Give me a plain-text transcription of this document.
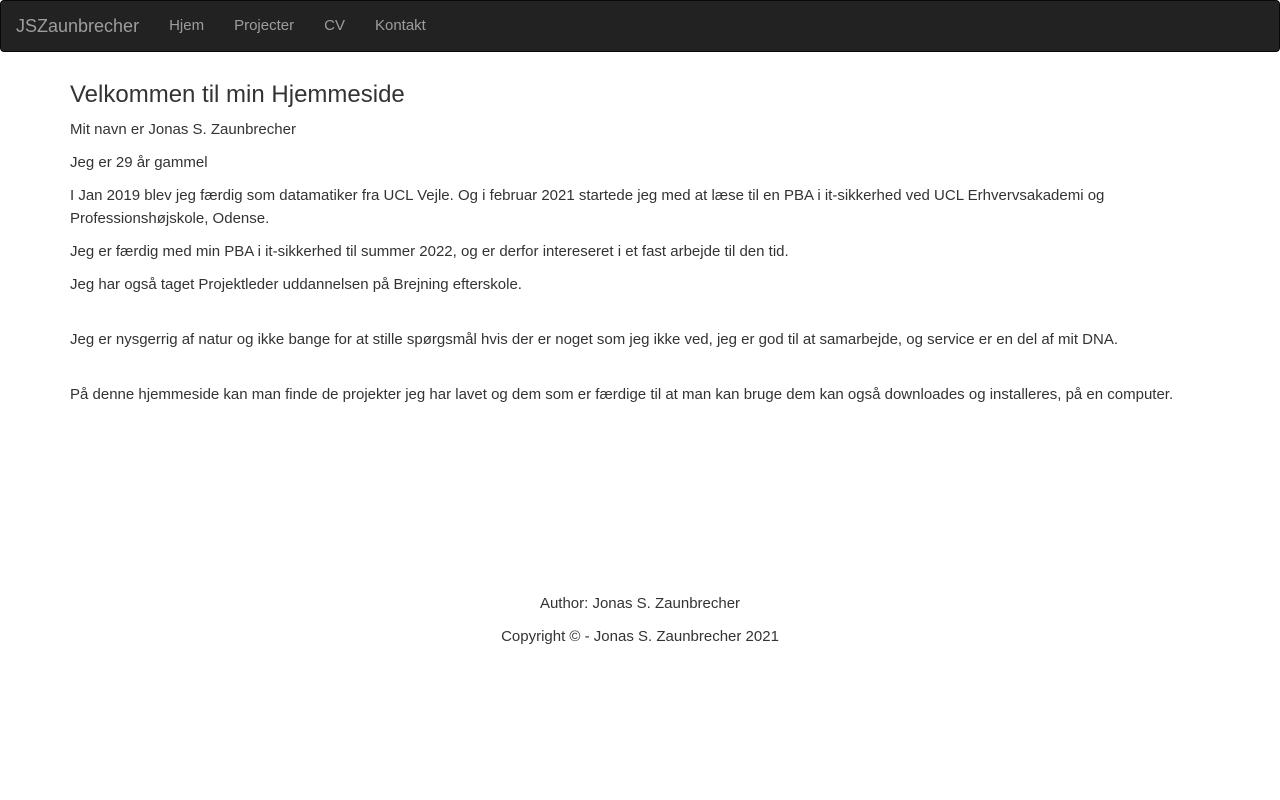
JSZaunbrecher	Hjem	Projecter	CV	Kontakt
Velkommen til min Hjemmeside

Mit navn er Jonas S. Zaunbrecher

Jeg er 29 år gammel

I Jan 2019 blev jeg færdig som datamatiker fra UCL Vejle. Og i februar 2021 startede jeg med at læse til en PBA i it-sikkerhed ved UCL Erhvervsakademi og Professionshøjskole, Odense.

Jeg er færdig med min PBA i it-sikkerhed til summer 2022, og er derfor intereseret i et fast arbejde til den tid.

Jeg har også taget Projektleder uddannelsen på Brejning efterskole.

Jeg er nysgerrig af natur og ikke bange for at stille spørgsmål hvis der er noget som jeg ikke ved, jeg er god til at samarbejde, og service er en del af mit DNA.

På denne hjemmeside kan man finde de projekter jeg har lavet og dem som er færdige til at man kan bruge dem kan også downloades og installeres, på en computer.

Author: Jonas S. Zaunbrecher

Copyright © - Jonas S. Zaunbrecher 2021
